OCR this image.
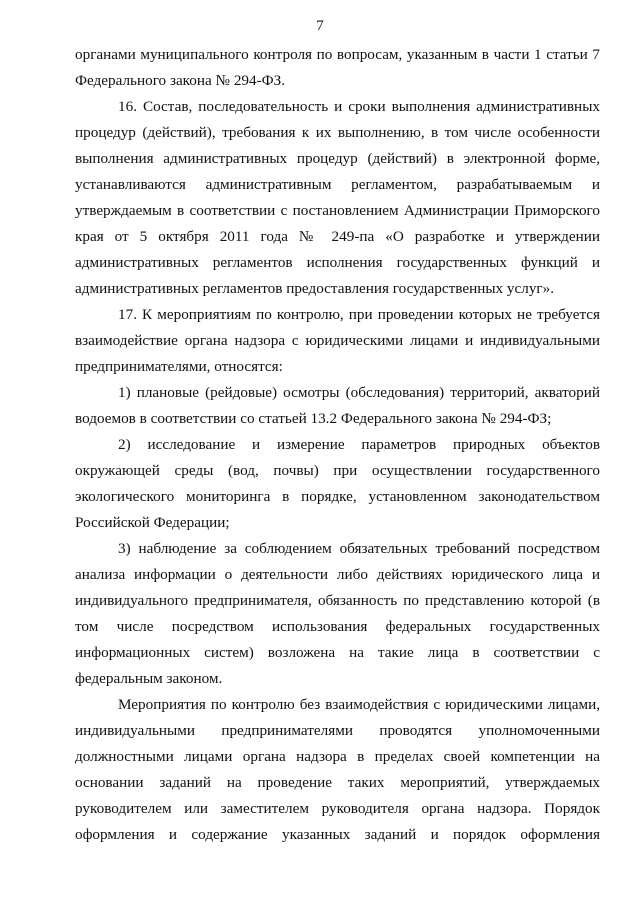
7

органами муниципального контроля по вопросам, указанным в части 1 статьи 7 Федерального закона № 294-ФЗ.

16. Состав, последовательность и сроки выполнения административных процедур (действий), требования к их выполнению, в том числе особенности выполнения административных процедур (действий) в электронной форме, устанавливаются административным регламентом, разрабатываемым и утверждаемым в соответствии с постановлением Администрации Приморского края от 5 октября 2011 года № 249-па «О разработке и утверждении административных регламентов исполнения государственных функций и административных регламентов предоставления государственных услуг».

17. К мероприятиям по контролю, при проведении которых не требуется взаимодействие органа надзора с юридическими лицами и индивидуальными предпринимателями, относятся:

1) плановые (рейдовые) осмотры (обследования) территорий, акваторий водоемов в соответствии со статьей 13.2 Федерального закона № 294-ФЗ;

2) исследование и измерение параметров природных объектов окружающей среды (вод, почвы) при осуществлении государственного экологического мониторинга в порядке, установленном законодательством Российской Федерации;

3) наблюдение за соблюдением обязательных требований посредством анализа информации о деятельности либо действиях юридического лица и индивидуального предпринимателя, обязанность по представлению которой (в том числе посредством использования федеральных государственных информационных систем) возложена на такие лица в соответствии с федеральным законом.

Мероприятия по контролю без взаимодействия с юридическими лицами, индивидуальными предпринимателями проводятся уполномоченными должностными лицами органа надзора в пределах своей компетенции на основании заданий на проведение таких мероприятий, утверждаемых руководителем или заместителем руководителя органа надзора. Порядок оформления и содержание указанных заданий и порядок оформления
